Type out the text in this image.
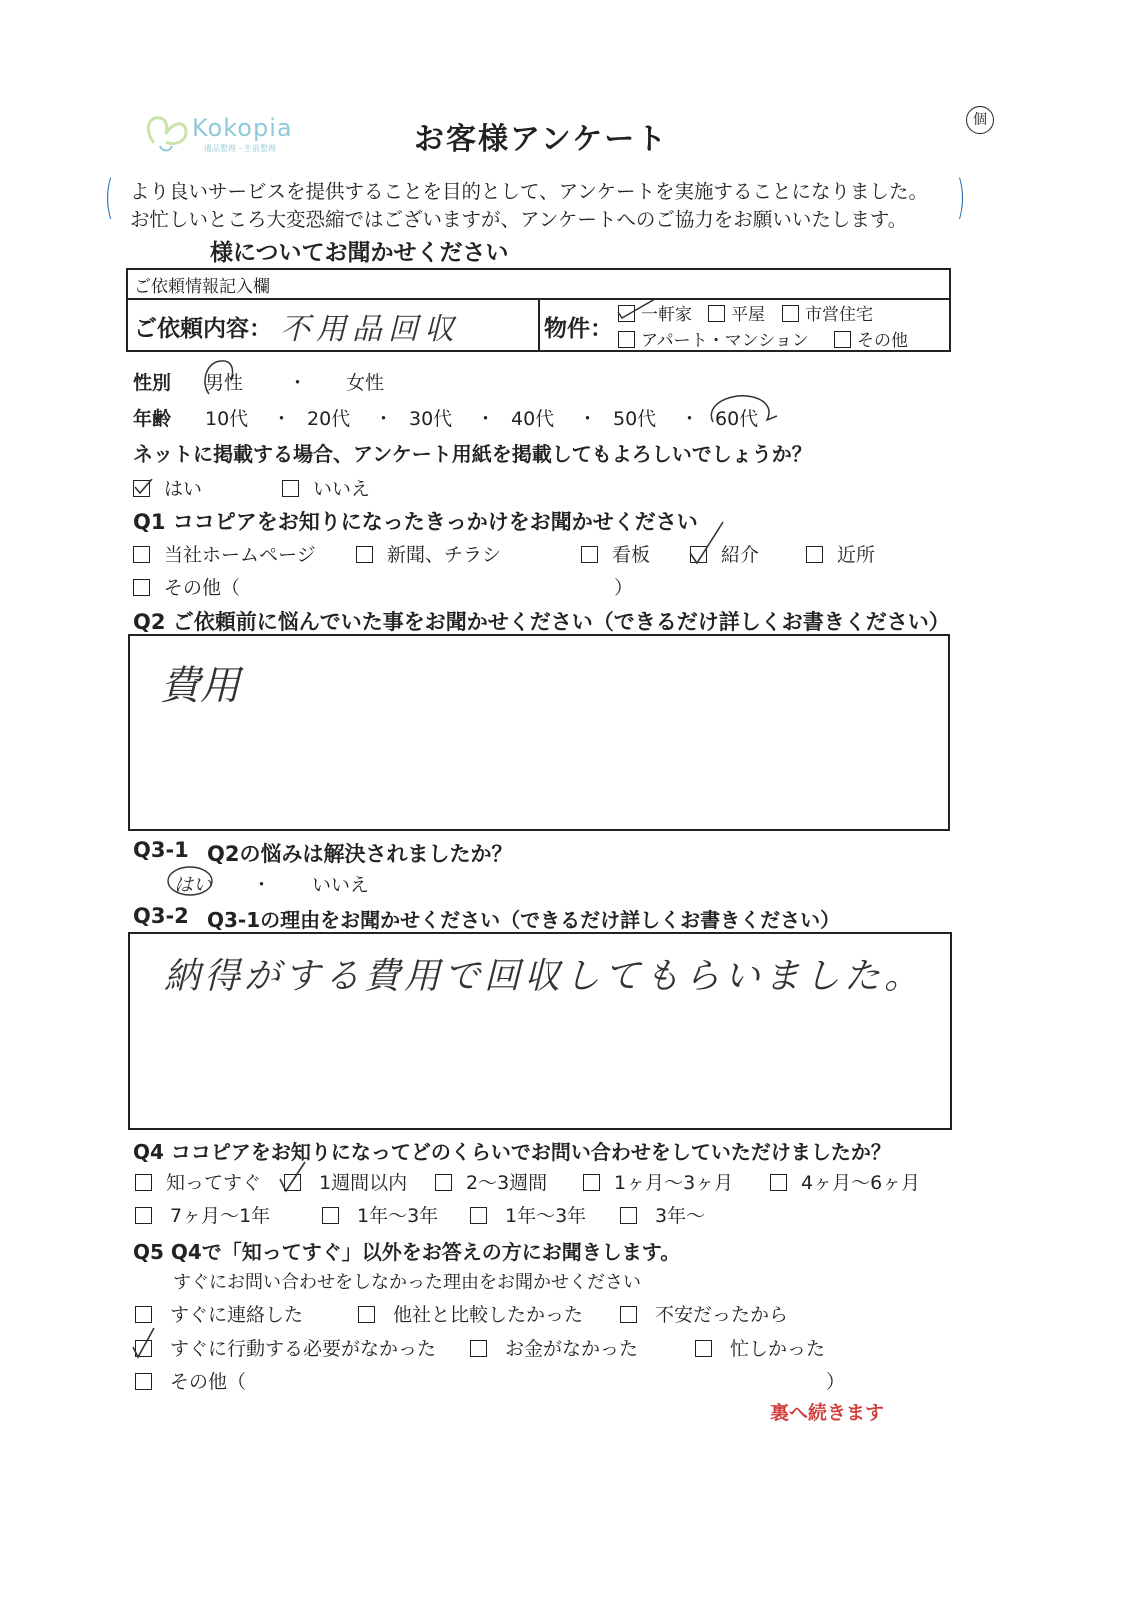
Kokopia
遺品整理・生前整理	お客様アンケート
個
( より良いサービスを提供することを目的として、アンケートを実施することになりました。
お忙しいところ大変恐縮ではございますが、アンケートへのご協力をお願いいたします。 )
様についてお聞かせください
ご依頼情報記入欄
ご依頼内容： 不用品回収	物件：
一軒家	平屋	市営住宅
アパート・マンション	その他
性別 男性 ・ 女性
年齢 10代 ・ 20代 ・ 30代 ・ 40代 ・ 50代 ・ 60代
ネットに掲載する場合、アンケート用紙を掲載してもよろしいでしょうか？
はい	いいえ
Q1 ココピアをお知りになったきっかけをお聞かせください
当社ホームページ	新聞、チラシ	看板	紹介	近所
その他（	）
Q2 ご依頼前に悩んでいた事をお聞かせください（できるだけ詳しくお書きください）
費用
Q3-1 Q2の悩みは解決されましたか？
はい ・ いいえ
Q3-2 Q3-1の理由をお聞かせください（できるだけ詳しくお書きください）
納得がする費用で回収してもらいました。
Q4 ココピアをお知りになってどのくらいでお問い合わせをしていただけましたか？
知ってすぐ	1週間以内	2〜3週間	1ヶ月〜3ヶ月	4ヶ月〜6ヶ月
7ヶ月〜1年	1年〜3年	1年〜3年	3年〜
Q5 Q4で「知ってすぐ」以外をお答えの方にお聞きします。
すぐにお問い合わせをしなかった理由をお聞かせください
すぐに連絡した	他社と比較したかった	不安だったから
すぐに行動する必要がなかった	お金がなかった	忙しかった
その他（	）
裏へ続きます
